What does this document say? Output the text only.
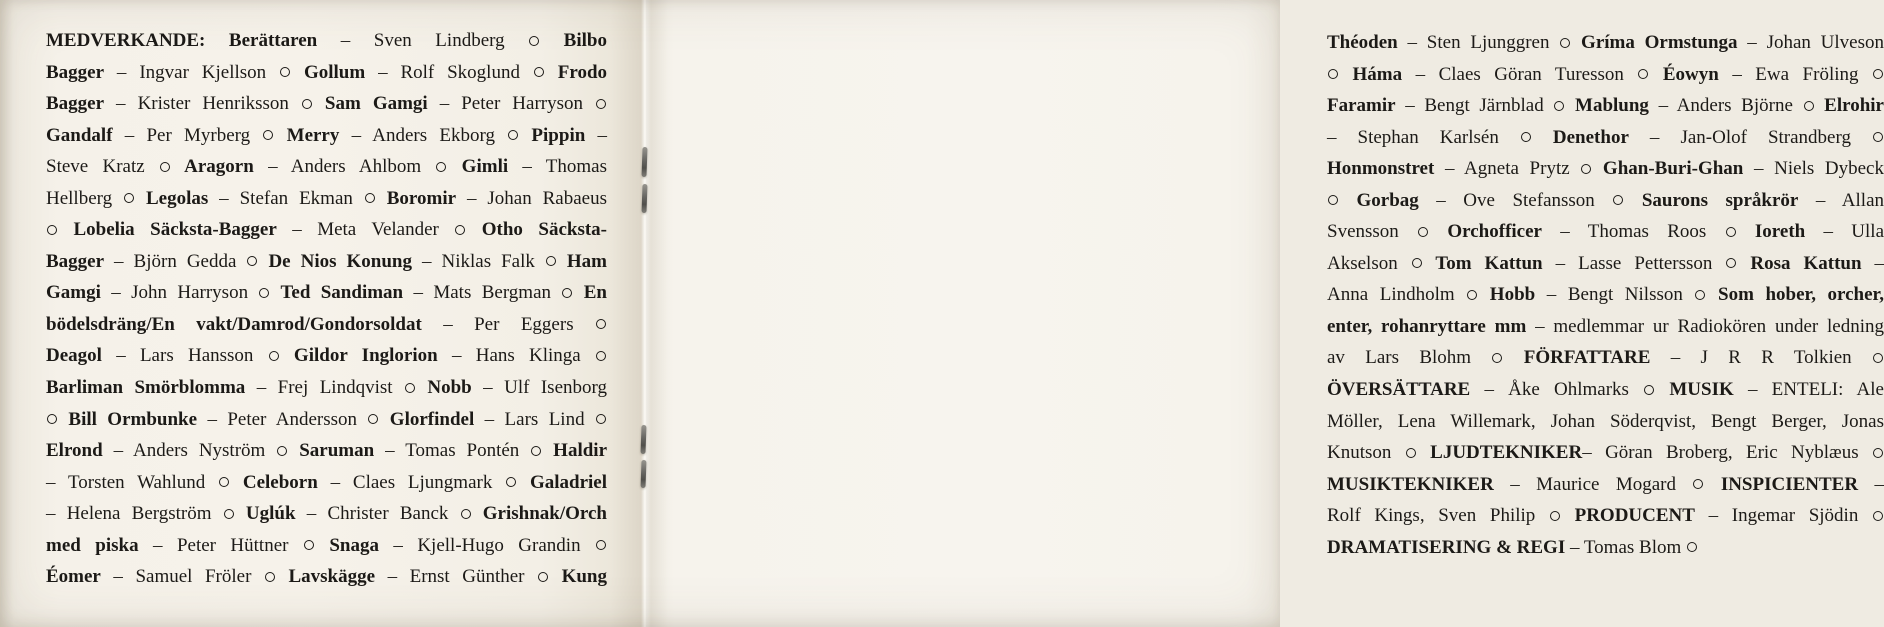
MEDVERKANDE: Berättaren – Sven Lindberg  Bilbo
Bagger – Ingvar Kjellson  Gollum – Rolf Skoglund  Frodo
Bagger – Krister Henriksson  Sam Gamgi – Peter Harryson
Gandalf – Per Myrberg  Merry – Anders Ekborg  Pippin –
Steve Kratz  Aragorn – Anders Ahlbom  Gimli – Thomas
Hellberg  Legolas – Stefan Ekman  Boromir – Johan Rabaeus
Lobelia Säcksta-Bagger – Meta Velander  Otho Säcksta-
Bagger – Björn Gedda  De Nios Konung – Niklas Falk  Ham
Gamgi – John Harryson  Ted Sandiman – Mats Bergman  En
bödelsdräng/En vakt/Damrod/Gondorsoldat – Per Eggers
Deagol – Lars Hansson  Gildor Inglorion – Hans Klinga
Barliman Smörblomma – Frej Lindqvist  Nobb – Ulf Isenborg
Bill Ormbunke – Peter Andersson  Glorfindel – Lars Lind
Elrond – Anders Nyström  Saruman – Tomas Pontén  Haldir
– Torsten Wahlund  Celeborn – Claes Ljungmark  Galadriel
– Helena Bergström  Uglúk – Christer Banck  Grishnak/Orch
med piska – Peter Hüttner  Snaga – Kjell-Hugo Grandin
Éomer – Samuel Fröler  Lavskägge – Ernst Günther  Kung
Théoden – Sten Ljunggren  Gríma Ormstunga – Johan Ulveson
Háma – Claes Göran Turesson  Éowyn – Ewa Fröling
Faramir – Bengt Järnblad  Mablung – Anders Björne  Elrohir
– Stephan Karlsén  Denethor – Jan-Olof Strandberg
Honmonstret – Agneta Prytz  Ghan-Buri-Ghan – Niels Dybeck
Gorbag – Ove Stefansson  Saurons språkrör – Allan
Svensson  Orchofficer – Thomas Roos  Ioreth – Ulla
Akselson  Tom Kattun – Lasse Pettersson  Rosa Kattun –
Anna Lindholm  Hobb – Bengt Nilsson  Som hober, orcher,
enter, rohanryttare mm – medlemmar ur Radiokören under ledning
av Lars Blohm  FÖRFATTARE – J R R Tolkien
ÖVERSÄTTARE – Åke Ohlmarks  MUSIK – ENTELI: Ale
Möller, Lena Willemark, Johan Söderqvist, Bengt Berger, Jonas
Knutson  LJUDTEKNIKER– Göran Broberg, Eric Nyblæus
MUSIKTEKNIKER – Maurice Mogard  INSPICIENTER –
Rolf Kings, Sven Philip  PRODUCENT – Ingemar Sjödin
DRAMATISERING & REGI – Tomas Blom
